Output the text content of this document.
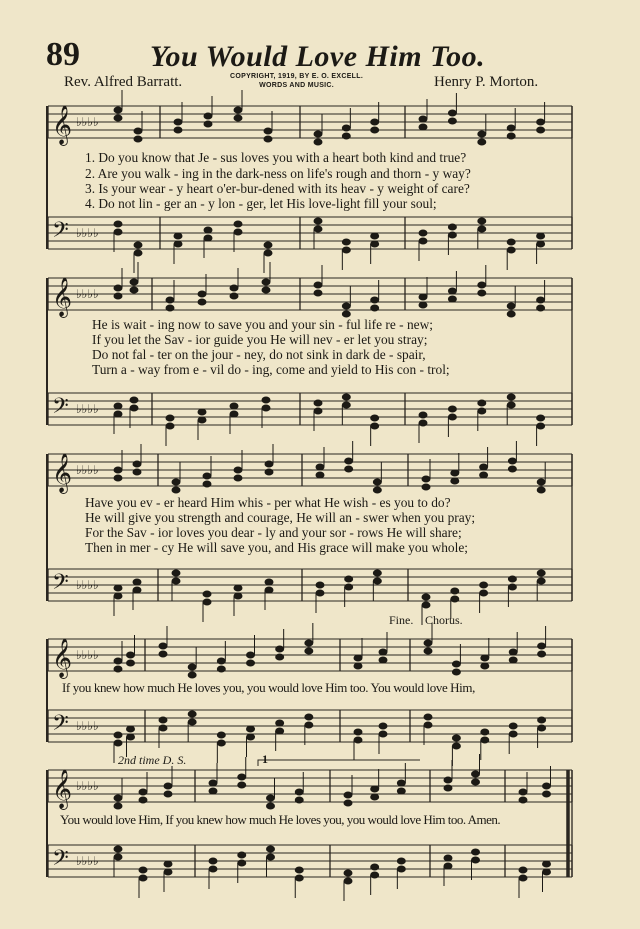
𝄞 ♭♭♭♭
𝄢 ♭♭♭♭
𝄞 ♭♭♭♭
𝄢 ♭♭♭♭
𝄞 ♭♭♭♭
𝄢 ♭♭♭♭
𝄞 ♭♭♭♭
𝄢 ♭♭♭♭
𝄞 ♭♭♭♭
𝄢 ♭♭♭♭
89 You Would Love Him Too.
Rev. Alfred Barratt.	COPYRIGHT, 1919, BY E. O. EXCELL.
WORDS AND MUSIC.	Henry P. Morton.
1. Do you know that Je - sus loves you with a heart both kind and true?
2. Are you walk - ing in the dark-ness on life's rough and thorn - y way?
3. Is your wear - y heart o'er-bur-dened with its heav - y weight of care?
4. Do not lin - ger an - y lon - ger, let His love-light fill your soul;
He is wait - ing now to save you and your sin - ful life re - new;
If you let the Sav - ior guide you He will nev - er let you stray;
Do not fal - ter on the jour - ney, do not sink in dark de - spair,
Turn a - way from e - vil do - ing, come and yield to His con - trol;
Have you ev - er heard Him whis - per what He wish - es you to do?
He will give you strength and courage, He will an - swer when you pray;
For the Sav - ior loves you dear - ly and your sor - rows He will share;
Then in mer - cy He will save you, and His grace will make you whole;
Fine. Chorus.
If you knew how much He loves you, you would love Him too. You would love Him,
2nd time D. S.	1
You would love Him, If you knew how much He loves you, you would love Him too. Amen.
